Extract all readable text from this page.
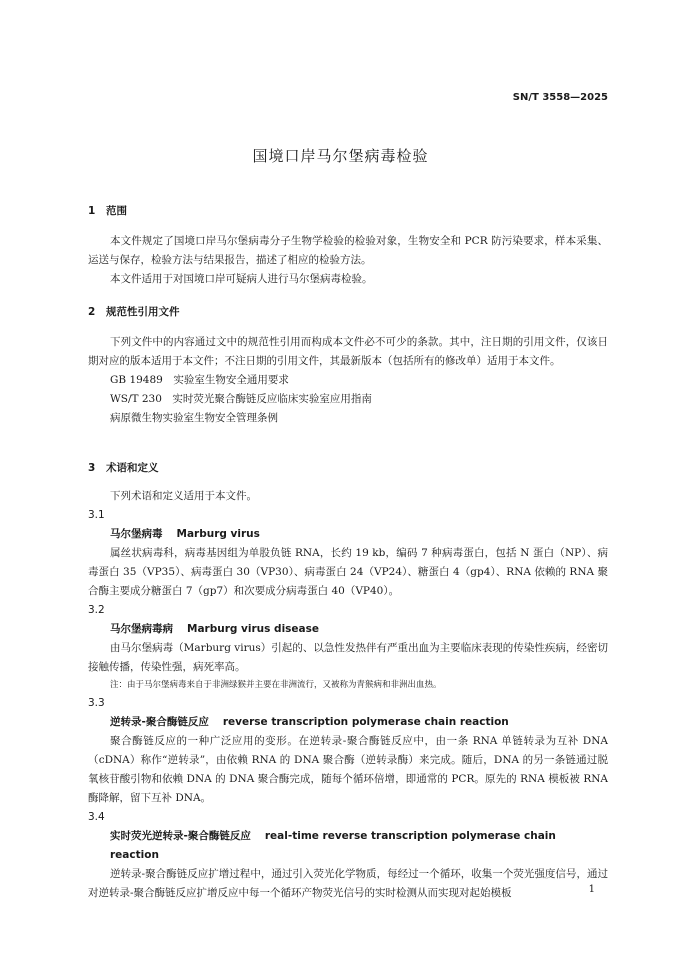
SN/T 3558—2025
国境口岸马尔堡病毒检验
1 范围

本文件规定了国境口岸马尔堡病毒分子生物学检验的检验对象，生物安全和 PCR 防污染要求，样本采集、运送与保存，检验方法与结果报告，描述了相应的检验方法。

本文件适用于对国境口岸可疑病人进行马尔堡病毒检验。

2 规范性引用文件

下列文件中的内容通过文中的规范性引用而构成本文件必不可少的条款。其中，注日期的引用文件，仅该日期对应的版本适用于本文件；不注日期的引用文件，其最新版本（包括所有的修改单）适用于本文件。

GB 19489　实验室生物安全通用要求

WS/T 230　实时荧光聚合酶链反应临床实验室应用指南

病原微生物实验室生物安全管理条例

3 术语和定义

下列术语和定义适用于本文件。

3.1
马尔堡病毒 Marburg virus

属丝状病毒科，病毒基因组为单股负链 RNA，长约 19 kb，编码 7 种病毒蛋白，包括 N 蛋白（NP）、病毒蛋白 35（VP35）、病毒蛋白 30（VP30）、病毒蛋白 24（VP24）、糖蛋白 4（gp4）、RNA 依赖的 RNA 聚合酶主要成分糖蛋白 7（gp7）和次要成分病毒蛋白 40（VP40）。

3.2
马尔堡病毒病 Marburg virus disease

由马尔堡病毒（Marburg virus）引起的、以急性发热伴有严重出血为主要临床表现的传染性疾病，经密切接触传播，传染性强，病死率高。

注：由于马尔堡病毒来自于非洲绿猴并主要在非洲流行，又被称为青猴病和非洲出血热。
3.3
逆转录-聚合酶链反应 reverse transcription polymerase chain reaction

聚合酶链反应的一种广泛应用的变形。在逆转录-聚合酶链反应中，由一条 RNA 单链转录为互补 DNA（cDNA）称作“逆转录”，由依赖 RNA 的 DNA 聚合酶（逆转录酶）来完成。随后，DNA 的另一条链通过脱氧核苷酸引物和依赖 DNA 的 DNA 聚合酶完成，随每个循环倍增，即通常的 PCR。原先的 RNA 模板被 RNA 酶降解，留下互补 DNA。

3.4
实时荧光逆转录-聚合酶链反应 real-time reverse transcription polymerase chain reaction

逆转录-聚合酶链反应扩增过程中，通过引入荧光化学物质，每经过一个循环，收集一个荧光强度信号，通过对逆转录-聚合酶链反应扩增反应中每一个循环产物荧光信号的实时检测从而实现对起始模板	1
